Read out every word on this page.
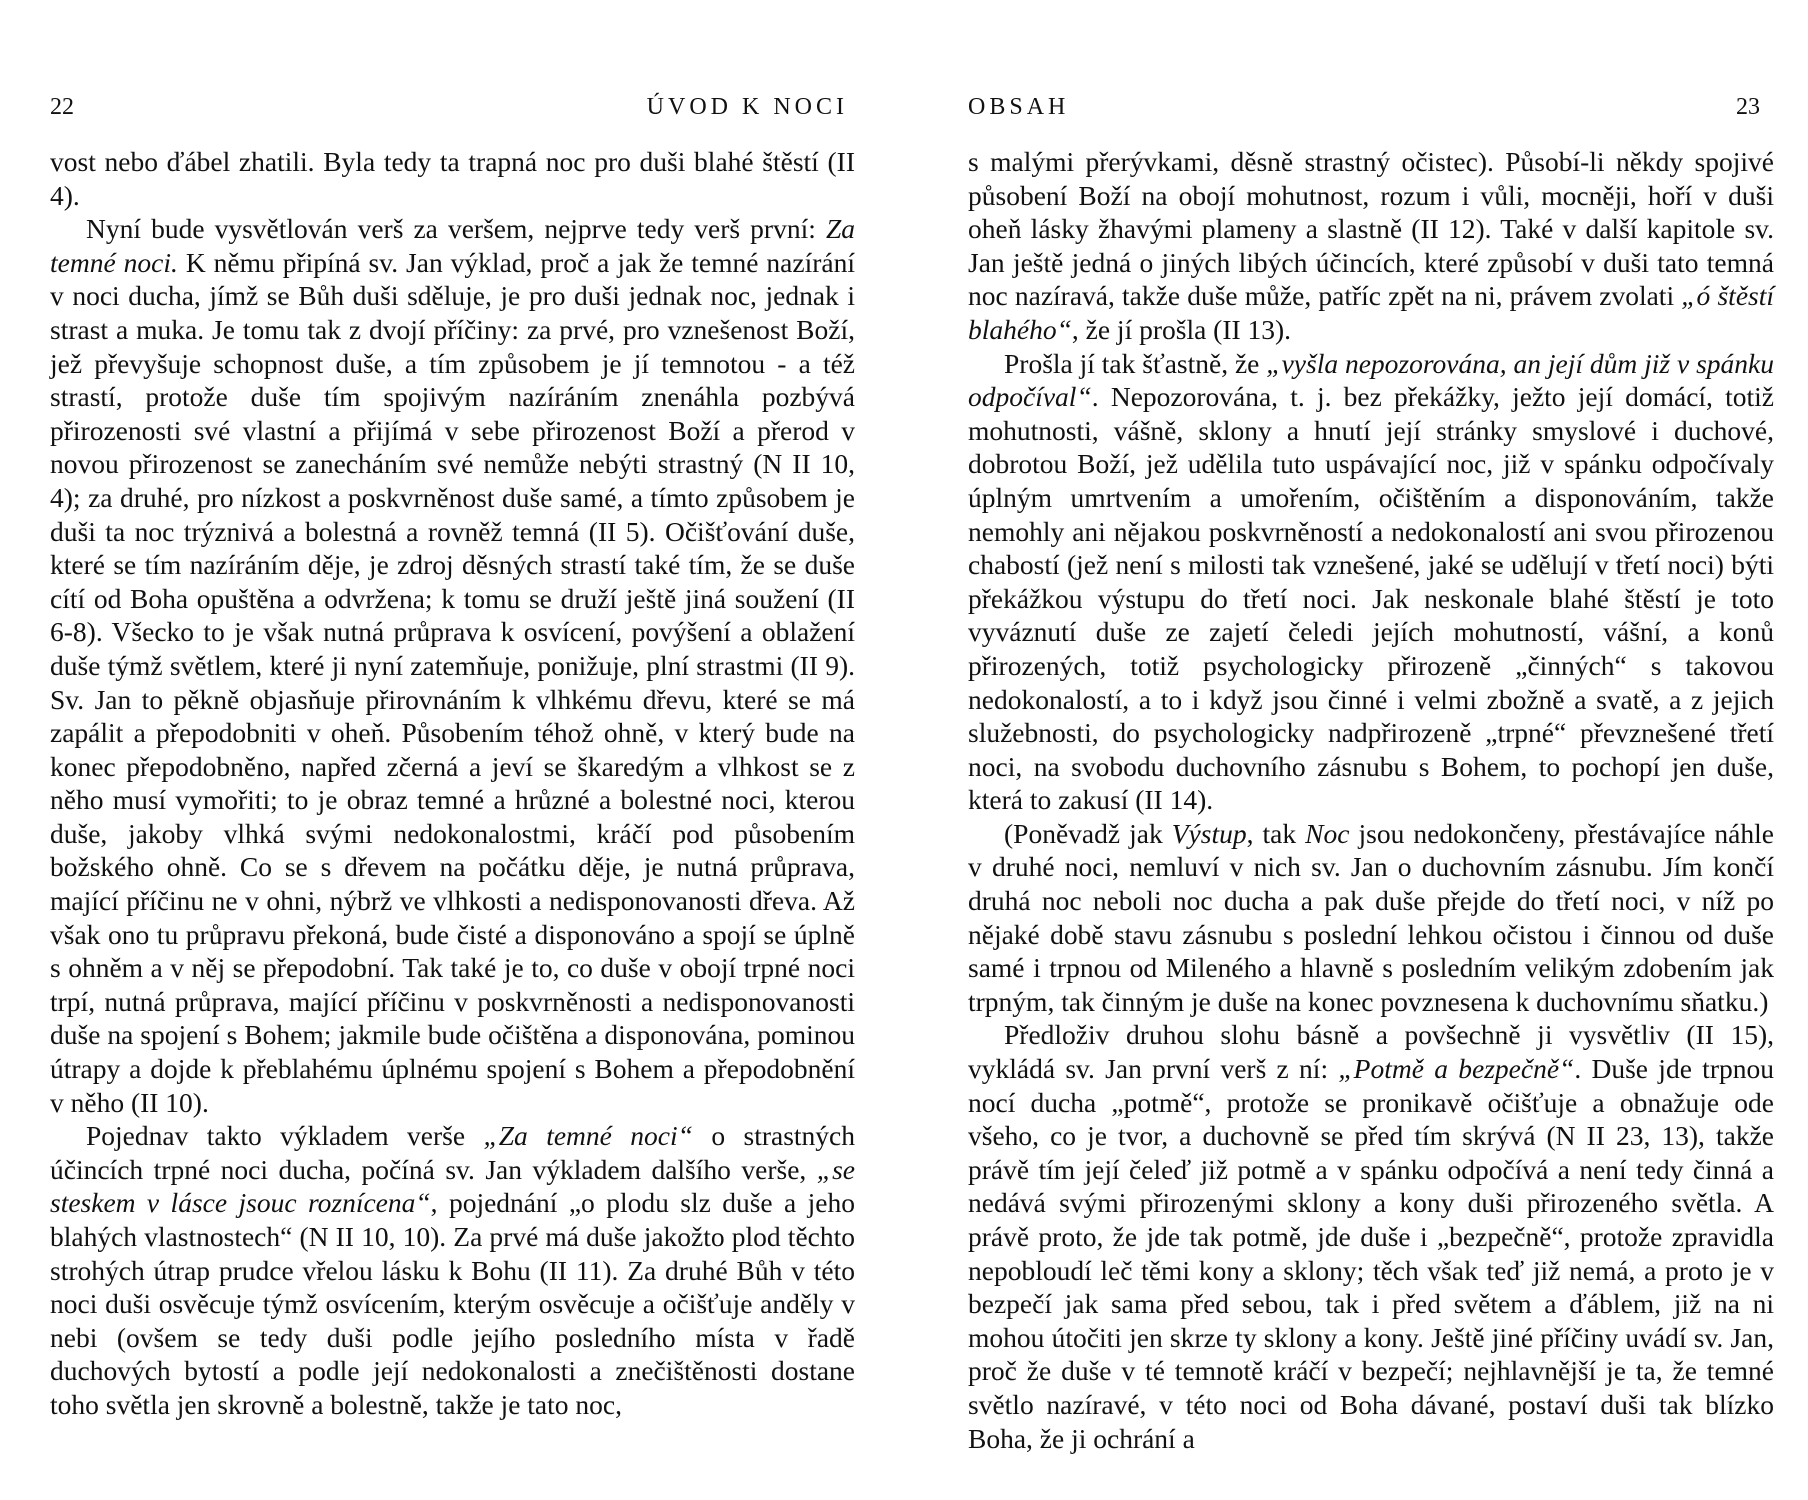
22	ÚVOD K NOCI

vost nebo ďábel zhatili. Byla tedy ta trapná noc pro duši blahé štěstí (II 4).

Nyní bude vysvětlován verš za veršem, nejprve tedy verš první: Za temné noci. K němu připíná sv. Jan výklad, proč a jak že temné nazírání v noci ducha, jímž se Bůh duši sděluje, je pro duši jednak noc, jednak i strast a muka. Je tomu tak z dvojí příčiny: za prvé, pro vznešenost Boží, jež převyšuje schopnost duše, a tím způsobem je jí temnotou - a též strastí, protože duše tím spojivým nazíráním znenáhla pozbývá přirozenosti své vlastní a přijímá v sebe přirozenost Boží a přerod v novou přirozenost se zanecháním své nemůže nebýti strastný (N II 10, 4); za druhé, pro nízkost a poskvrněnost duše samé, a tímto způsobem je duši ta noc trýznivá a bolestná a rovněž temná (II 5). Očišťování duše, které se tím nazíráním děje, je zdroj děsných strastí také tím, že se duše cítí od Boha opuštěna a odvržena; k tomu se druží ještě jiná soužení (II 6-8). Všecko to je však nutná průprava k osvícení, povýšení a oblažení duše týmž světlem, které ji nyní zatemňuje, ponižuje, plní strastmi (II 9). Sv. Jan to pěkně objasňuje přirovnáním k vlhkému dřevu, které se má zapálit a přepodobniti v oheň. Působením téhož ohně, v který bude na konec přepodobněno, napřed zčerná a jeví se škaredým a vlhkost se z něho musí vymořiti; to je obraz temné a hrůzné a bolestné noci, kterou duše, jakoby vlhká svými nedokonalostmi, kráčí pod působením božského ohně. Co se s dřevem na počátku děje, je nutná průprava, mající příčinu ne v ohni, nýbrž ve vlhkosti a nedisponovanosti dřeva. Až však ono tu průpravu překoná, bude čisté a disponováno a spojí se úplně s ohněm a v něj se přepodobní. Tak také je to, co duše v obojí trpné noci trpí, nutná průprava, mající příčinu v poskvrněnosti a nedisponovanosti duše na spojení s Bohem; jakmile bude očištěna a disponována, pominou útrapy a dojde k přeblahému úplnému spojení s Bohem a přepodobnění v něho (II 10).

Pojednav takto výkladem verše „Za temné noci“ o strastných účincích trpné noci ducha, počíná sv. Jan výkladem dalšího verše, „se steskem v lásce jsouc roznícena“, pojednání „o plodu slz duše a jeho blahých vlastnostech“ (N II 10, 10). Za prvé má duše jakožto plod těchto strohých útrap prudce vřelou lásku k Bohu (II 11). Za druhé Bůh v této noci duši osvěcuje týmž osvícením, kterým osvěcuje a očišťuje anděly v nebi (ovšem se tedy duši podle jejího posledního místa v řadě duchových bytostí a podle její nedokonalosti a znečištěnosti dostane toho světla jen skrovně a bolestně, takže je tato noc,

OBSAH	23

s malými přerývkami, děsně strastný očistec). Působí-li někdy spojivé působení Boží na obojí mohutnost, rozum i vůli, mocněji, hoří v duši oheň lásky žhavými plameny a slastně (II 12). Také v další kapitole sv. Jan ještě jedná o jiných libých účincích, které způsobí v duši tato temná noc nazíravá, takže duše může, patříc zpět na ni, právem zvolati „ó štěstí blahého“, že jí prošla (II 13).

Prošla jí tak šťastně, že „vyšla nepozorována, an její dům již v spánku odpočíval“. Nepozorována, t. j. bez překážky, ježto její domácí, totiž mohutnosti, vášně, sklony a hnutí její stránky smyslové i duchové, dobrotou Boží, jež udělila tuto uspávající noc, již v spánku odpočívaly úplným umrtvením a umořením, očištěním a disponováním, takže nemohly ani nějakou poskvrněností a nedokonalostí ani svou přirozenou chabostí (jež není s milosti tak vznešené, jaké se udělují v třetí noci) býti překážkou výstupu do třetí noci. Jak neskonale blahé štěstí je toto vyváznutí duše ze zajetí čeledi jejích mohutností, vášní, a konů přirozených, totiž psychologicky přirozeně „činných“ s takovou nedokonalostí, a to i když jsou činné i velmi zbožně a svatě, a z jejich služebnosti, do psychologicky nadpřirozeně „trpné“ převznešené třetí noci, na svobodu duchovního zásnubu s Bohem, to pochopí jen duše, která to zakusí (II 14).

(Poněvadž jak Výstup, tak Noc jsou nedokončeny, přestávajíce náhle v druhé noci, nemluví v nich sv. Jan o duchovním zásnubu. Jím končí druhá noc neboli noc ducha a pak duše přejde do třetí noci, v níž po nějaké době stavu zásnubu s poslední lehkou očistou i činnou od duše samé i trpnou od Mileného a hlavně s posledním velikým zdobením jak trpným, tak činným je duše na konec povznesena k duchovnímu sňatku.)

Předloživ druhou slohu básně a povšechně ji vysvětliv (II 15), vykládá sv. Jan první verš z ní: „Potmě a bezpečně“. Duše jde trpnou nocí ducha „potmě“, protože se pronikavě očišťuje a obnažuje ode všeho, co je tvor, a duchovně se před tím skrývá (N II 23, 13), takže právě tím její čeleď již potmě a v spánku odpočívá a není tedy činná a nedává svými přirozenými sklony a kony duši přirozeného světla. A právě proto, že jde tak potmě, jde duše i „bezpečně“, protože zpravidla nepobloudí leč těmi kony a sklony; těch však teď již nemá, a proto je v bezpečí jak sama před sebou, tak i před světem a ďáblem, již na ni mohou útočiti jen skrze ty sklony a kony. Ještě jiné příčiny uvádí sv. Jan, proč že duše v té temnotě kráčí v bezpečí; nejhlavnější je ta, že temné světlo nazíravé, v této noci od Boha dávané, postaví duši tak blízko Boha, že ji ochrání a
